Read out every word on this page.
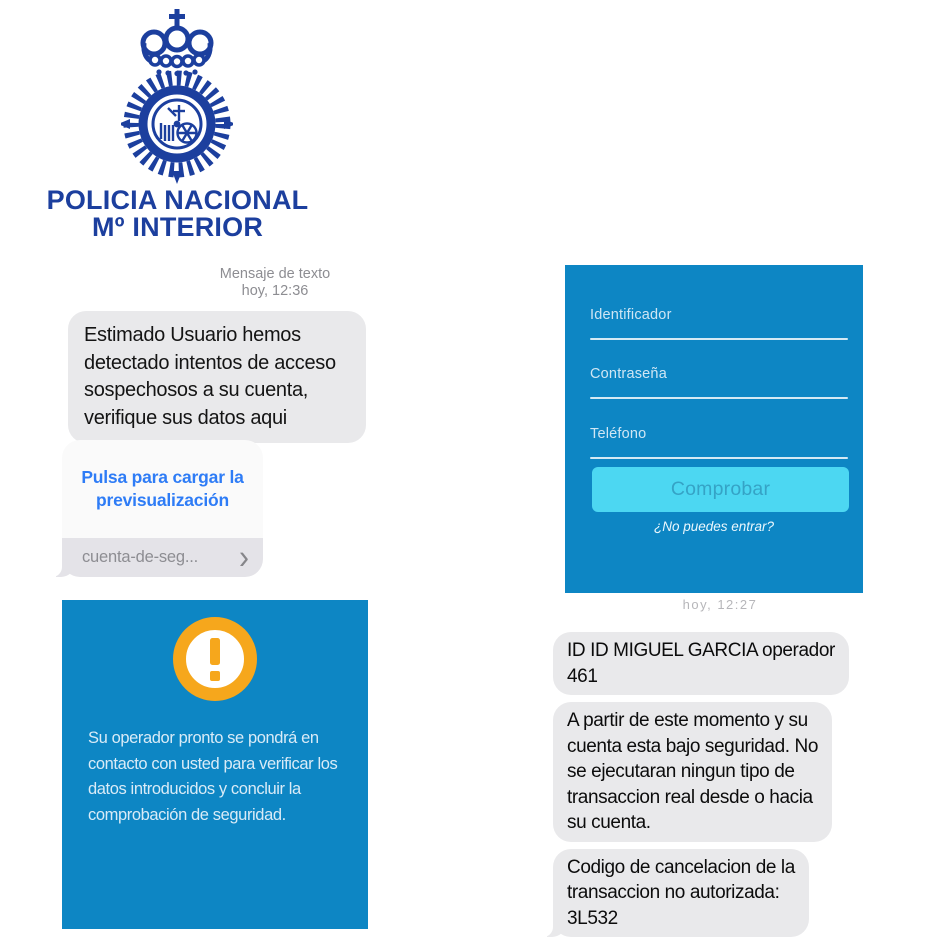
POLICIA NACIONAL
Mº INTERIOR
Mensaje de texto
hoy, 12:36
Estimado Usuario hemos
detectado intentos de acceso
sospechosos a su cuenta,
verifique sus datos aqui
Pulsa para cargar la
previsualización
cuenta-de-seg...	›
Su operador pronto se pondrá en
contacto con usted para verificar los
datos introducidos y concluir la
comprobación de seguridad.
Identificador
Contraseña
Teléfono
Comprobar
¿No puedes entrar?
hoy, 12:27
ID ID MIGUEL GARCIA operador
461
A partir de este momento y su
cuenta esta bajo seguridad. No
se ejecutaran ningun tipo de
transaccion real desde o hacia
su cuenta.
Codigo de cancelacion de la
transaccion no autorizada:
3L532
